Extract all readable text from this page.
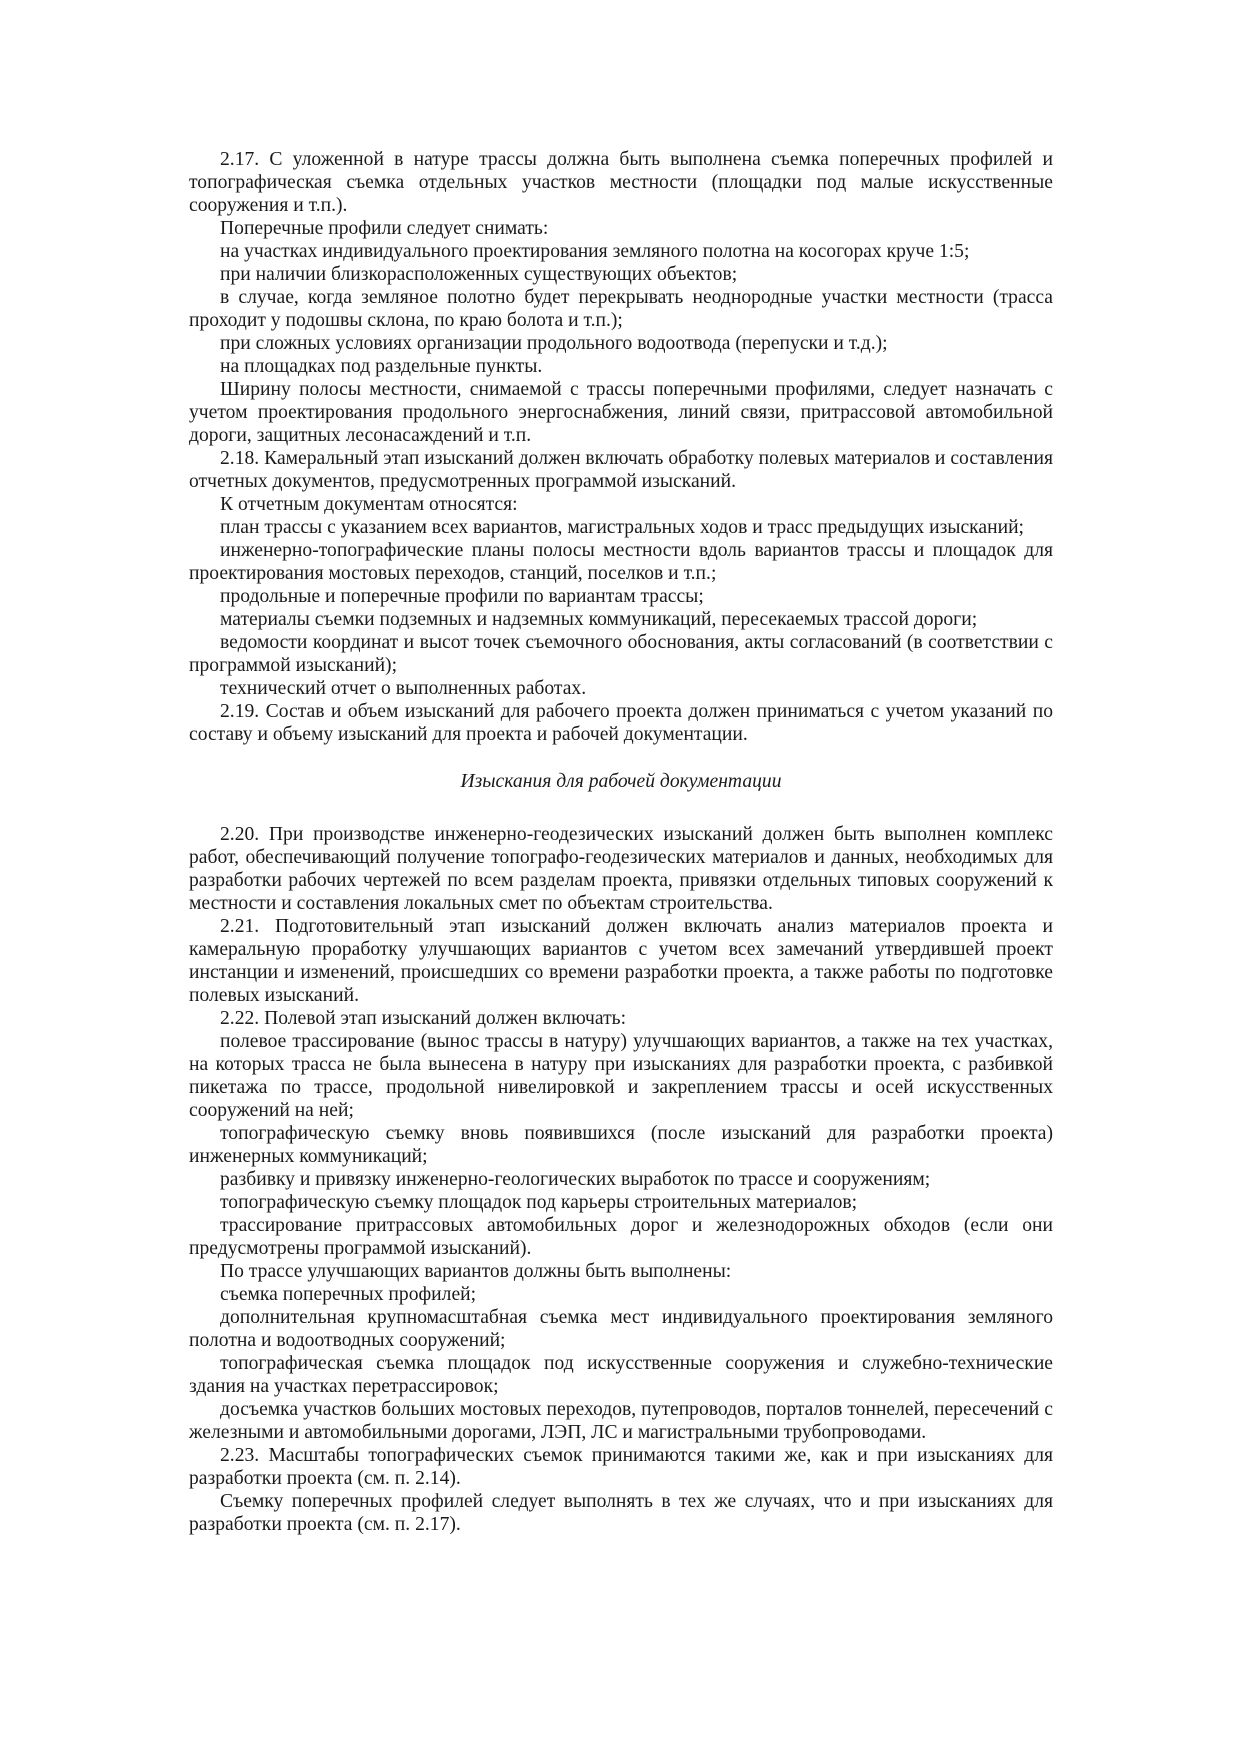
2.17. С уложенной в натуре трассы должна быть выполнена съемка поперечных профилей и топографическая съемка отдельных участков местности (площадки под малые искусственные сооружения и т.п.).

Поперечные профили следует снимать:

на участках индивидуального проектирования земляного полотна на косогорах круче 1:5;

при наличии близкорасположенных существующих объектов;

в случае, когда земляное полотно будет перекрывать неоднородные участки местности (трасса проходит у подошвы склона, по краю болота и т.п.);

при сложных условиях организации продольного водоотвода (перепуски и т.д.);

на площадках под раздельные пункты.

Ширину полосы местности, снимаемой с трассы поперечными профилями, следует назначать с учетом проектирования продольного энергоснабжения, линий связи, притрассовой автомобильной дороги, защитных лесонасаждений и т.п.

2.18. Камеральный этап изысканий должен включать обработку полевых материалов и составления отчетных документов, предусмотренных программой изысканий.

К отчетным документам относятся:

план трассы с указанием всех вариантов, магистральных ходов и трасс предыдущих изысканий;

инженерно-топографические планы полосы местности вдоль вариантов трассы и площадок для проектирования мостовых переходов, станций, поселков и т.п.;

продольные и поперечные профили по вариантам трассы;

материалы съемки подземных и надземных коммуникаций, пересекаемых трассой дороги;

ведомости координат и высот точек съемочного обоснования, акты согласований (в соответствии с программой изысканий);

технический отчет о выполненных работах.

2.19. Состав и объем изысканий для рабочего проекта должен приниматься с учетом указаний по составу и объему изысканий для проекта и рабочей документации.

Изыскания для рабочей документации

2.20. При производстве инженерно-геодезических изысканий должен быть выполнен комплекс работ, обеспечивающий получение топографо-геодезических материалов и данных, необходимых для разработки рабочих чертежей по всем разделам проекта, привязки отдельных типовых сооружений к местности и составления локальных смет по объектам строительства.

2.21. Подготовительный этап изысканий должен включать анализ материалов проекта и камеральную проработку улучшающих вариантов с учетом всех замечаний утвердившей проект инстанции и изменений, происшедших со времени разработки проекта, а также работы по подготовке полевых изысканий.

2.22. Полевой этап изысканий должен включать:

полевое трассирование (вынос трассы в натуру) улучшающих вариантов, а также на тех участках, на которых трасса не была вынесена в натуру при изысканиях для разработки проекта, с разбивкой пикетажа по трассе, продольной нивелировкой и закреплением трассы и осей искусственных сооружений на ней;

топографическую съемку вновь появившихся (после изысканий для разработки проекта) инженерных коммуникаций;

разбивку и привязку инженерно-геологических выработок по трассе и сооружениям;

топографическую съемку площадок под карьеры строительных материалов;

трассирование притрассовых автомобильных дорог и железнодорожных обходов (если они предусмотрены программой изысканий).

По трассе улучшающих вариантов должны быть выполнены:

съемка поперечных профилей;

дополнительная крупномасштабная съемка мест индивидуального проектирования земляного полотна и водоотводных сооружений;

топографическая съемка площадок под искусственные сооружения и служебно-технические здания на участках перетрассировок;

досъемка участков больших мостовых переходов, путепроводов, порталов тоннелей, пересечений с железными и автомобильными дорогами, ЛЭП, ЛС и магистральными трубопроводами.

2.23. Масштабы топографических съемок принимаются такими же, как и при изысканиях для разработки проекта (см. п. 2.14).

Съемку поперечных профилей следует выполнять в тех же случаях, что и при изысканиях для разработки проекта (см. п. 2.17).
